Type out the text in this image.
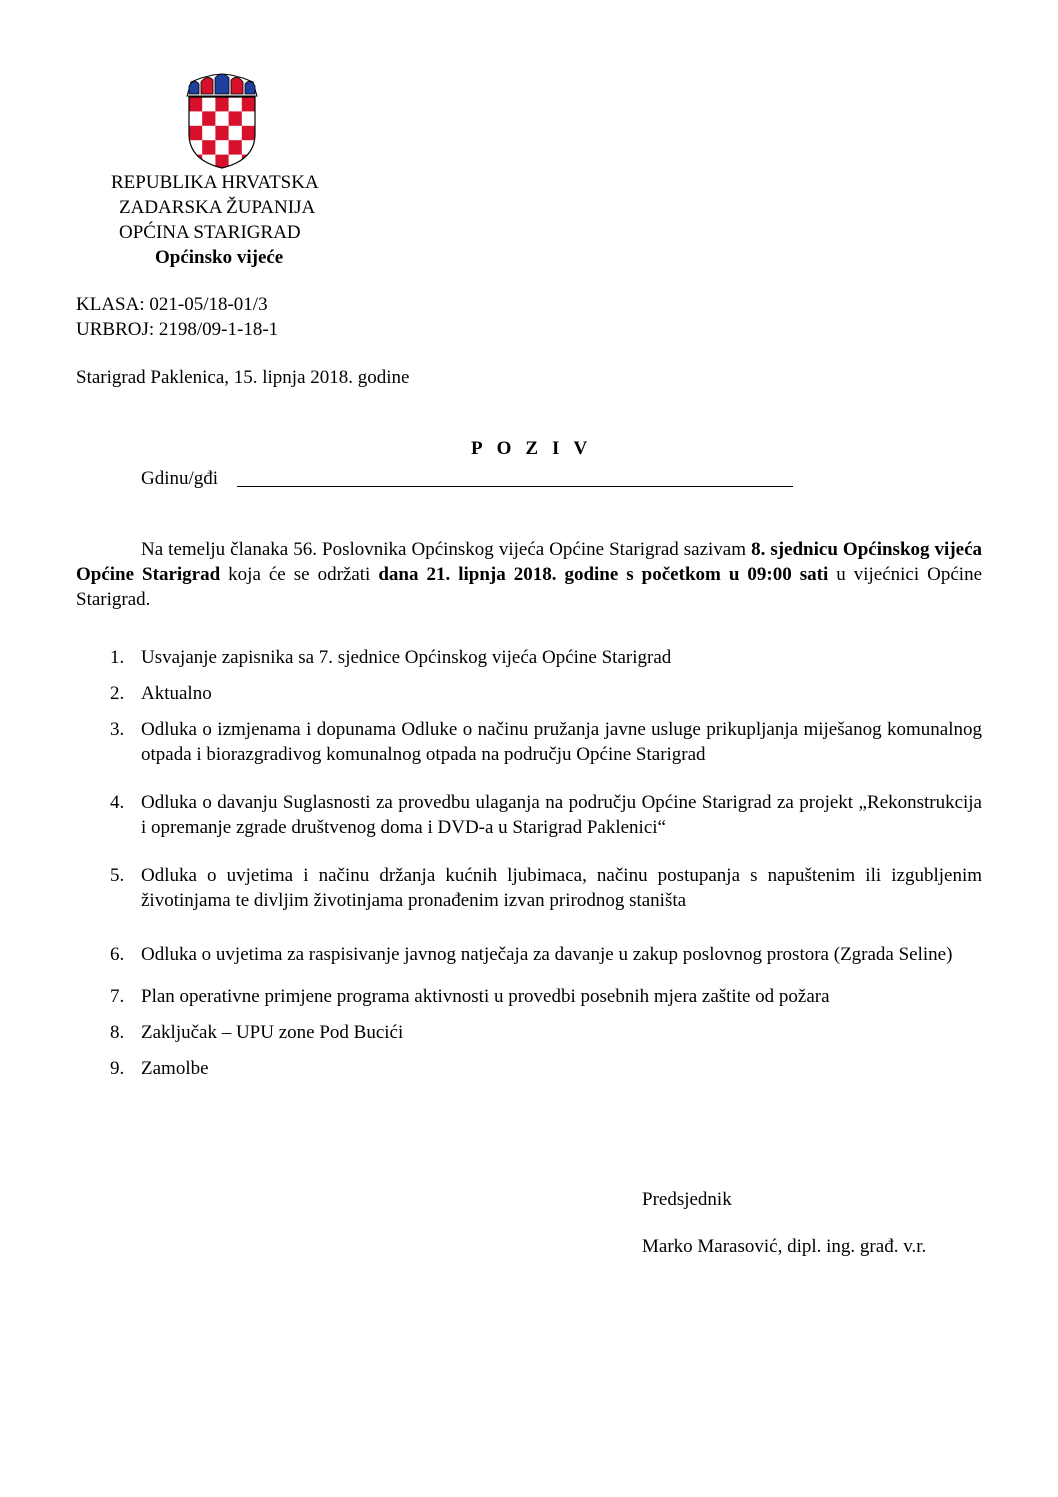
REPUBLIKA HRVATSKA
ZADARSKA ŽUPANIJA
OPĆINA STARIGRAD
Općinsko vijeće
KLASA: 021-05/18-01/3
URBROJ: 2198/09-1-18-1
Starigrad Paklenica, 15. lipnja 2018. godine
POZIV
Gdinu/gđi
Na temelju članaka 56. Poslovnika Općinskog vijeća Općine Starigrad sazivam 8. sjednicu Općinskog vijeća Općine Starigrad koja će se održati dana 21. lipnja 2018. godine s početkom u 09:00 sati u vijećnici Općine Starigrad.
1. Usvajanje zapisnika sa 7. sjednice Općinskog vijeća Općine Starigrad
2. Aktualno
3. Odluka o izmjenama i dopunama Odluke o načinu pružanja javne usluge prikupljanja miješanog komunalnog otpada i biorazgradivog komunalnog otpada na području Općine Starigrad
4. Odluka o davanju Suglasnosti za provedbu ulaganja na području Općine Starigrad za projekt „Rekonstrukcija i opremanje zgrade društvenog doma i DVD-a u Starigrad Paklenici“
5. Odluka o uvjetima i načinu držanja kućnih ljubimaca, načinu postupanja s napuštenim ili izgubljenim životinjama te divljim životinjama pronađenim izvan prirodnog staništa
6. Odluka o uvjetima za raspisivanje javnog natječaja za davanje u zakup poslovnog prostora (Zgrada Seline)
7. Plan operativne primjene programa aktivnosti u provedbi posebnih mjera zaštite od požara
8. Zaključak – UPU zone Pod Bucići
9. Zamolbe
Predsjednik
Marko Marasović, dipl. ing. građ. v.r.
